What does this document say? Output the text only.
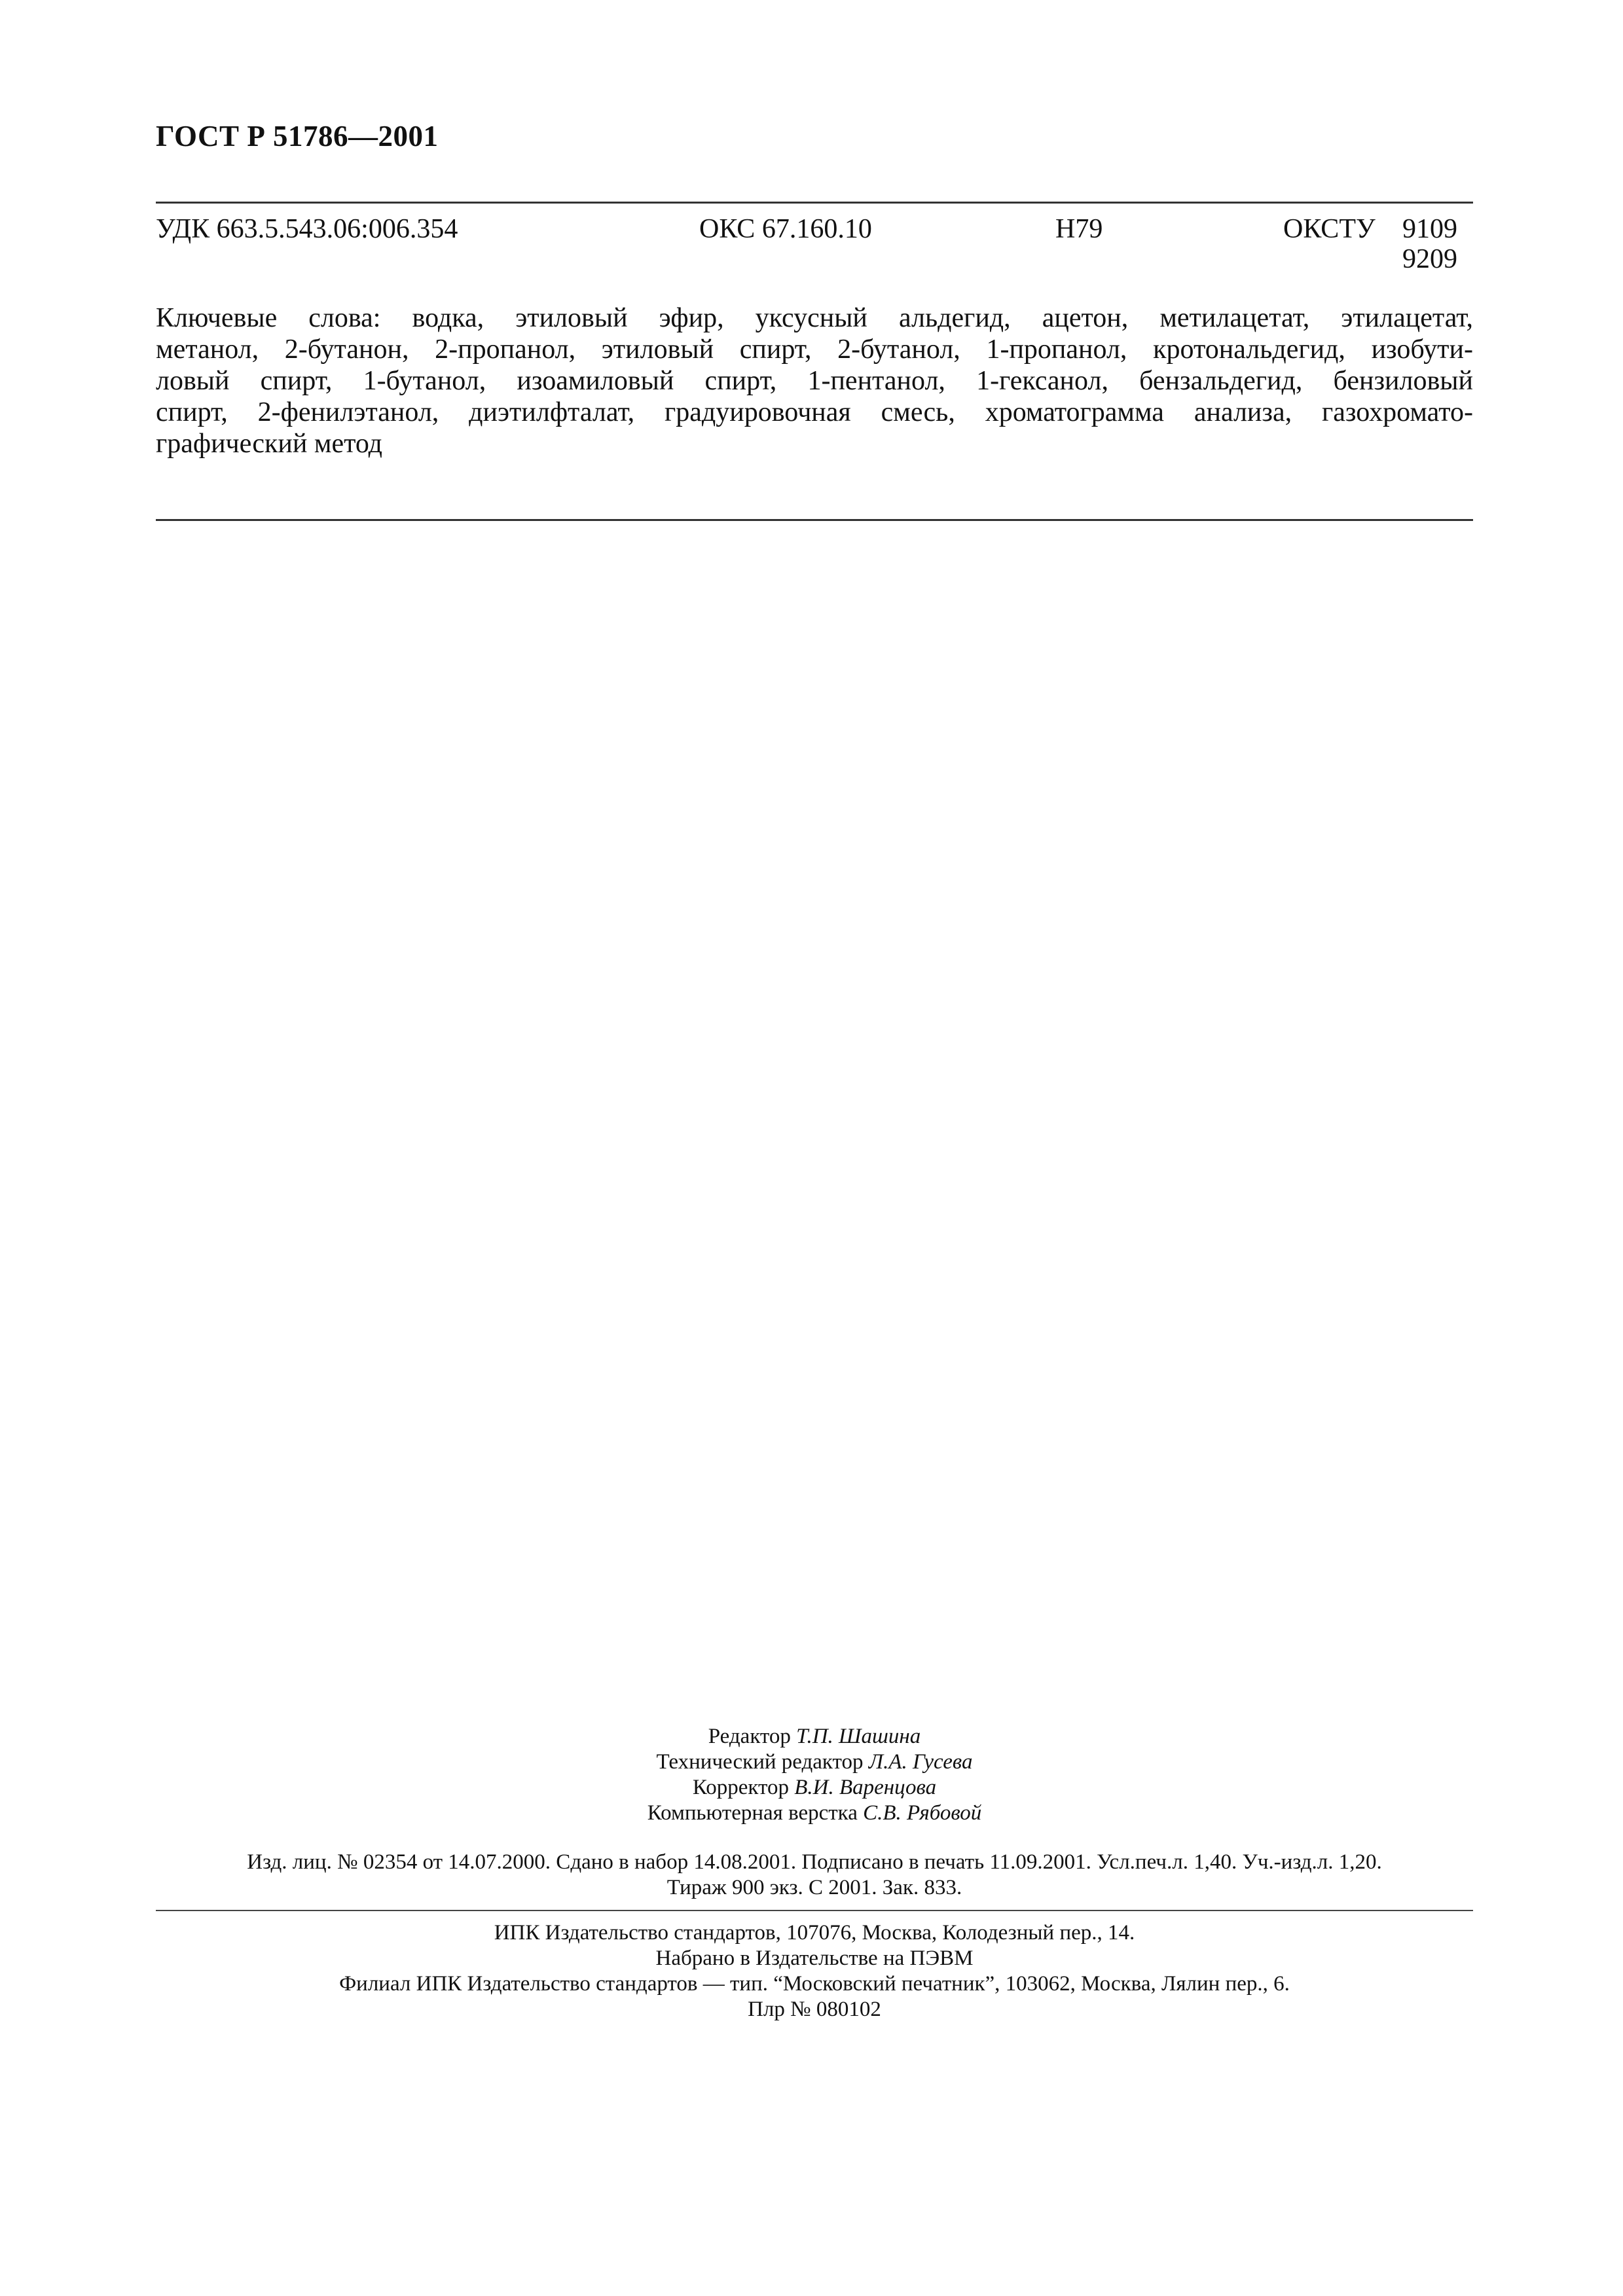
ГОСТ Р 51786—2001
УДК 663.5.543.06:006.354	ОКС 67.160.10	Н79	ОКСТУ 9109
9209
Ключевые слова: водка, этиловый эфир, уксусный альдегид, ацетон, метилацетат, этилацетат,
метанол, 2-бутанон, 2-пропанол, этиловый спирт, 2-бутанол, 1-пропанол, кротональдегид, изобути-
ловый спирт, 1-бутанол, изоамиловый спирт, 1-пентанол, 1-гексанол, бензальдегид, бензиловый
спирт, 2-фенилэтанол, диэтилфталат, градуировочная смесь, хроматограмма анализа, газохромато-
графический метод
Редактор Т.П. Шашина
Технический редактор Л.А. Гусева
Корректор В.И. Варенцова
Компьютерная верстка С.В. Рябовой
Изд. лиц. № 02354 от 14.07.2000. Сдано в набор 14.08.2001. Подписано в печать 11.09.2001. Усл.печ.л. 1,40. Уч.-изд.л. 1,20.
Тираж 900 экз. С 2001. Зак. 833.
ИПК Издательство стандартов, 107076, Москва, Колодезный пер., 14.
Набрано в Издательстве на ПЭВМ
Филиал ИПК Издательство стандартов — тип. “Московский печатник”, 103062, Москва, Лялин пер., 6.
Плр № 080102
